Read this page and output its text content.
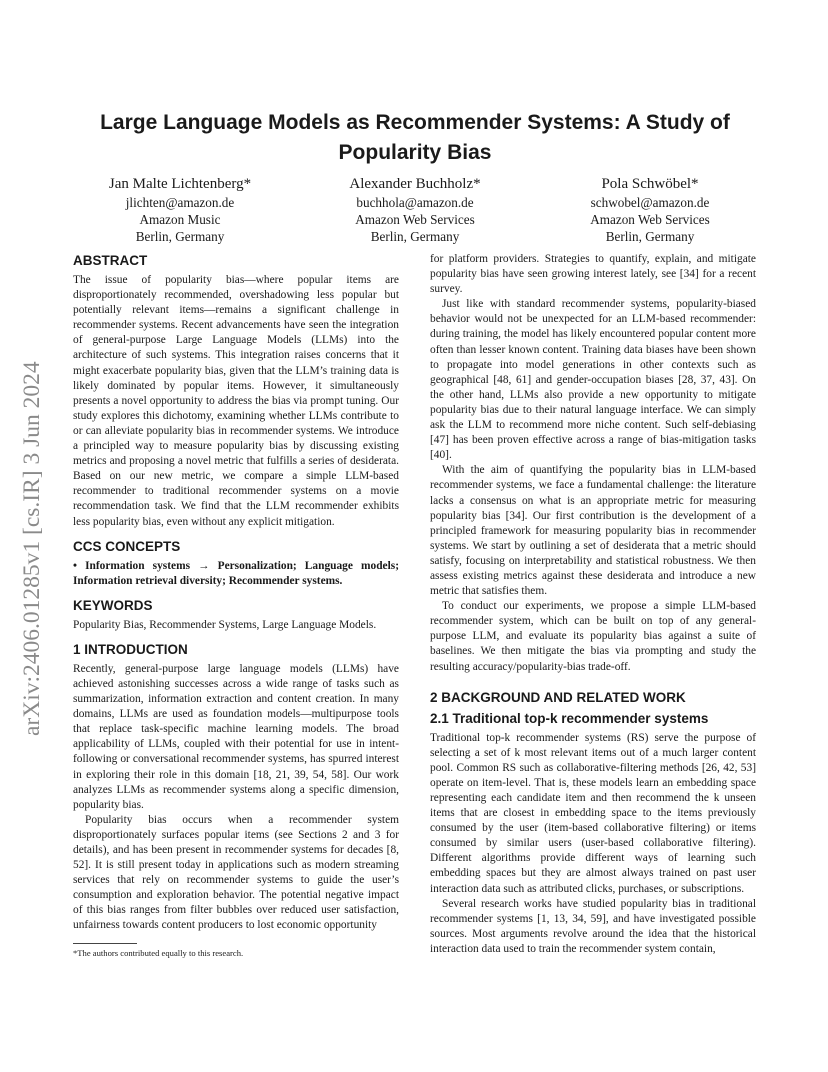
arXiv:2406.01285v1 [cs.IR] 3 Jun 2024
Large Language Models as Recommender Systems: A Study of Popularity Bias
Jan Malte Lichtenberg*
jlichten@amazon.de
Amazon Music
Berlin, Germany
Alexander Buchholz*
buchhola@amazon.de
Amazon Web Services
Berlin, Germany
Pola Schwöbel*
schwobel@amazon.de
Amazon Web Services
Berlin, Germany
ABSTRACT

The issue of popularity bias—where popular items are disproportionately recommended, overshadowing less popular but potentially relevant items—remains a significant challenge in recommender systems. Recent advancements have seen the integration of general-purpose Large Language Models (LLMs) into the architecture of such systems. This integration raises concerns that it might exacerbate popularity bias, given that the LLM’s training data is likely dominated by popular items. However, it simultaneously presents a novel opportunity to address the bias via prompt tuning. Our study explores this dichotomy, examining whether LLMs contribute to or can alleviate popularity bias in recommender systems. We introduce a principled way to measure popularity bias by discussing existing metrics and proposing a novel metric that fulfills a series of desiderata. Based on our new metric, we compare a simple LLM-based recommender to traditional recommender systems on a movie recommendation task. We find that the LLM recommender exhibits less popularity bias, even without any explicit mitigation.

CCS CONCEPTS

• Information systems → Personalization; Language models; Information retrieval diversity; Recommender systems.

KEYWORDS

Popularity Bias, Recommender Systems, Large Language Models.

1 INTRODUCTION

Recently, general-purpose large language models (LLMs) have achieved astonishing successes across a wide range of tasks such as summarization, information extraction and content creation. In many domains, LLMs are used as foundation models—multipurpose tools that replace task-specific machine learning models. The broad applicability of LLMs, coupled with their potential for use in intent-following or conversational recommender systems, has spurred interest in exploring their role in this domain [18, 21, 39, 54, 58]. Our work analyzes LLMs as recommender systems along a specific dimension, popularity bias.

Popularity bias occurs when a recommender system disproportionately surfaces popular items (see Sections 2 and 3 for details), and has been present in recommender systems for decades [8, 52]. It is still present today in applications such as modern streaming services that rely on recommender systems to guide the user’s consumption and exploration behavior. The potential negative impact of this bias ranges from filter bubbles over reduced user satisfaction, unfairness towards content producers to lost economic opportunity

for platform providers. Strategies to quantify, explain, and mitigate popularity bias have seen growing interest lately, see [34] for a recent survey.

Just like with standard recommender systems, popularity-biased behavior would not be unexpected for an LLM-based recommender: during training, the model has likely encountered popular content more often than lesser known content. Training data biases have been shown to propagate into model generations in other contexts such as geographical [48, 61] and gender-occupation biases [28, 37, 43]. On the other hand, LLMs also provide a new opportunity to mitigate popularity bias due to their natural language interface. We can simply ask the LLM to recommend more niche content. Such self-debiasing [47] has been proven effective across a range of bias-mitigation tasks [40].

With the aim of quantifying the popularity bias in LLM-based recommender systems, we face a fundamental challenge: the literature lacks a consensus on what is an appropriate metric for measuring popularity bias [34]. Our first contribution is the development of a principled framework for measuring popularity bias in recommender systems. We start by outlining a set of desiderata that a metric should satisfy, focusing on interpretability and statistical robustness. We then assess existing metrics against these desiderata and introduce a new metric that satisfies them.

To conduct our experiments, we propose a simple LLM-based recommender system, which can be built on top of any general-purpose LLM, and evaluate its popularity bias against a suite of baselines. We then mitigate the bias via prompting and study the resulting accuracy/popularity-bias trade-off.

2 BACKGROUND AND RELATED WORK
2.1 Traditional top-k recommender systems

Traditional top-k recommender systems (RS) serve the purpose of selecting a set of k most relevant items out of a much larger content pool. Common RS such as collaborative-filtering methods [26, 42, 53] operate on item-level. That is, these models learn an embedding space representing each candidate item and then recommend the k unseen items that are closest in embedding space to the items previously consumed by the user (item-based collaborative filtering) or items consumed by similar users (user-based collaborative filtering). Different algorithms provide different ways of learning such embedding spaces but they are almost always trained on past user interaction data such as attributed clicks, purchases, or subscriptions.

Several research works have studied popularity bias in traditional recommender systems [1, 13, 34, 59], and have investigated possible sources. Most arguments revolve around the idea that the historical interaction data used to train the recommender system contain,

*The authors contributed equally to this research.
